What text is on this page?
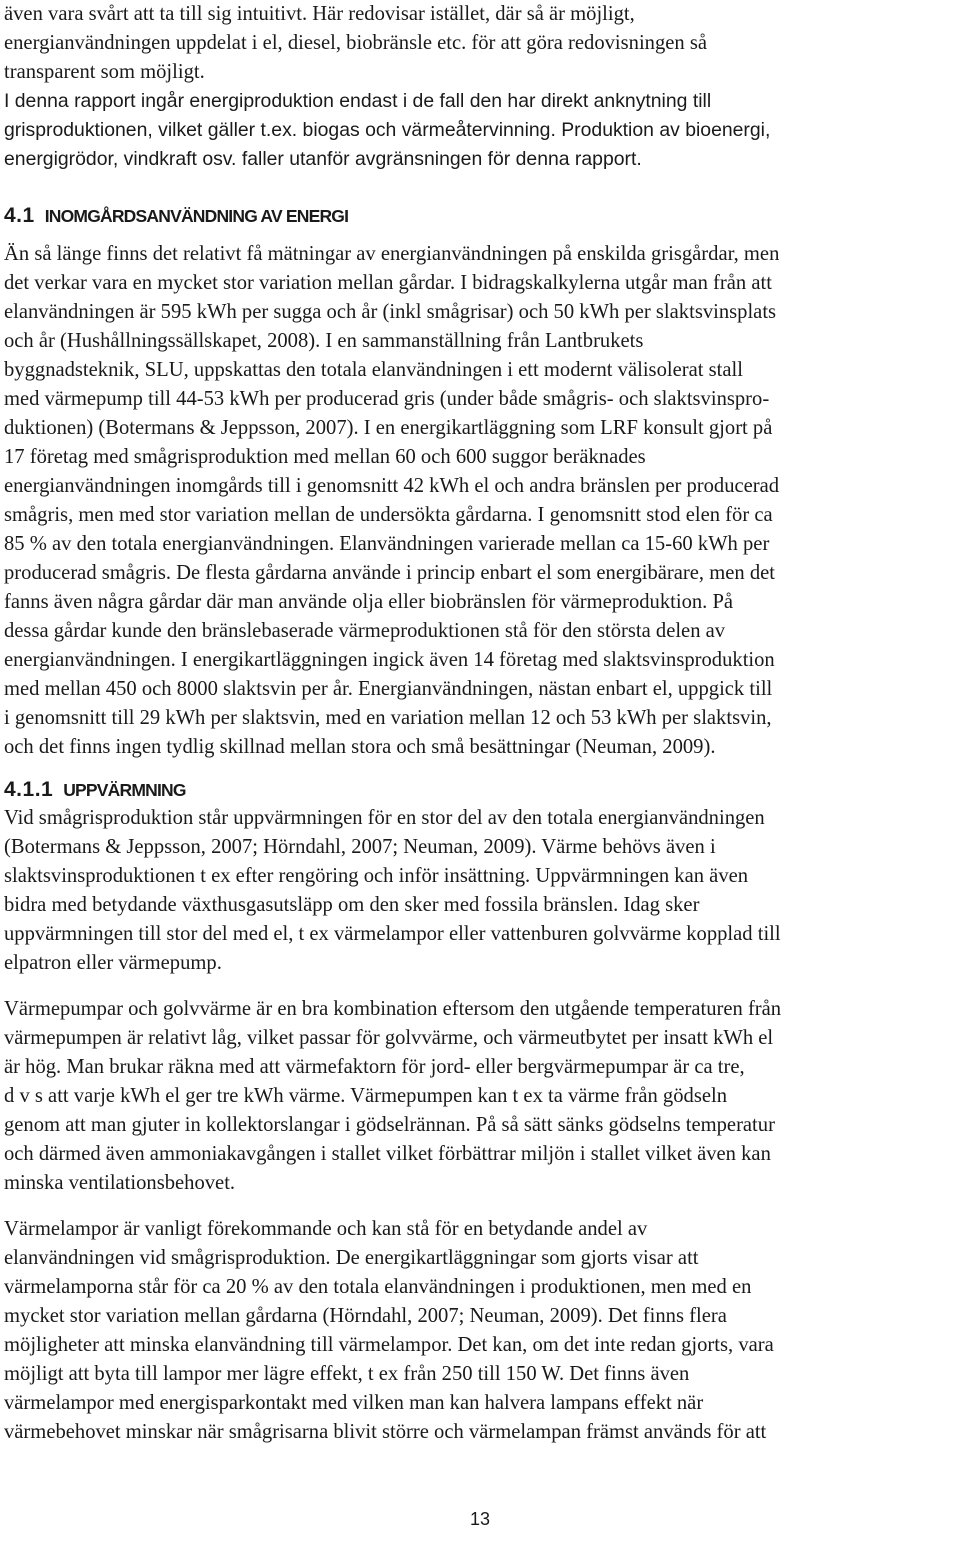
även vara svårt att ta till sig intuitivt. Här redovisar istället, där så är möjligt,
energianvändningen uppdelat i el, diesel, biobränsle etc. för att göra redovisningen så
transparent som möjligt.
I denna rapport ingår energiproduktion endast i de fall den har direkt anknytning till
grisproduktionen, vilket gäller t.ex. biogas och värmeåtervinning. Produktion av bioenergi,
energigrödor, vindkraft osv. faller utanför avgränsningen för denna rapport.
4.1 INOMGÅRDSANVÄNDNING AV ENERGI
Än så länge finns det relativt få mätningar av energianvändningen på enskilda grisgårdar, men
det verkar vara en mycket stor variation mellan gårdar. I bidragskalkylerna utgår man från att
elanvändningen är 595 kWh per sugga och år (inkl smågrisar) och 50 kWh per slaktsvinsplats
och år (Hushållningssällskapet, 2008). I en sammanställning från Lantbrukets
byggnadsteknik, SLU, uppskattas den totala elanvändningen i ett modernt välisolerat stall
med värmepump till 44-53 kWh per producerad gris (under både smågris- och slaktsvinspro-
duktionen) (Botermans & Jeppsson, 2007). I en energikartläggning som LRF konsult gjort på
17 företag med smågrisproduktion med mellan 60 och 600 suggor beräknades
energianvändningen inomgårds till i genomsnitt 42 kWh el och andra bränslen per producerad
smågris, men med stor variation mellan de undersökta gårdarna. I genomsnitt stod elen för ca
85 % av den totala energianvändningen. Elanvändningen varierade mellan ca 15-60 kWh per
producerad smågris. De flesta gårdarna använde i princip enbart el som energibärare, men det
fanns även några gårdar där man använde olja eller biobränslen för värmeproduktion. På
dessa gårdar kunde den bränslebaserade värmeproduktionen stå för den största delen av
energianvändningen. I energikartläggningen ingick även 14 företag med slaktsvinsproduktion
med mellan 450 och 8000 slaktsvin per år. Energianvändningen, nästan enbart el, uppgick till
i genomsnitt till 29 kWh per slaktsvin, med en variation mellan 12 och 53 kWh per slaktsvin,
och det finns ingen tydlig skillnad mellan stora och små besättningar (Neuman, 2009).
4.1.1 UPPVÄRMNING
Vid smågrisproduktion står uppvärmningen för en stor del av den totala energianvändningen
(Botermans & Jeppsson, 2007; Hörndahl, 2007; Neuman, 2009). Värme behövs även i
slaktsvinsproduktionen t ex efter rengöring och inför insättning. Uppvärmningen kan även
bidra med betydande växthusgasutsläpp om den sker med fossila bränslen. Idag sker
uppvärmningen till stor del med el, t ex värmelampor eller vattenburen golvvärme kopplad till
elpatron eller värmepump.
Värmepumpar och golvvärme är en bra kombination eftersom den utgående temperaturen från
värmepumpen är relativt låg, vilket passar för golvvärme, och värmeutbytet per insatt kWh el
är hög. Man brukar räkna med att värmefaktorn för jord- eller bergvärmepumpar är ca tre,
d v s att varje kWh el ger tre kWh värme. Värmepumpen kan t ex ta värme från gödseln
genom att man gjuter in kollektorslangar i gödselrännan. På så sätt sänks gödselns temperatur
och därmed även ammoniakavgången i stallet vilket förbättrar miljön i stallet vilket även kan
minska ventilationsbehovet.
Värmelampor är vanligt förekommande och kan stå för en betydande andel av
elanvändningen vid smågrisproduktion. De energikartläggningar som gjorts visar att
värmelamporna står för ca 20 % av den totala elanvändningen i produktionen, men med en
mycket stor variation mellan gårdarna (Hörndahl, 2007; Neuman, 2009). Det finns flera
möjligheter att minska elanvändning till värmelampor. Det kan, om det inte redan gjorts, vara
möjligt att byta till lampor mer lägre effekt, t ex från 250 till 150 W. Det finns även
värmelampor med energisparkontakt med vilken man kan halvera lampans effekt när
värmebehovet minskar när smågrisarna blivit större och värmelampan främst används för att
13
